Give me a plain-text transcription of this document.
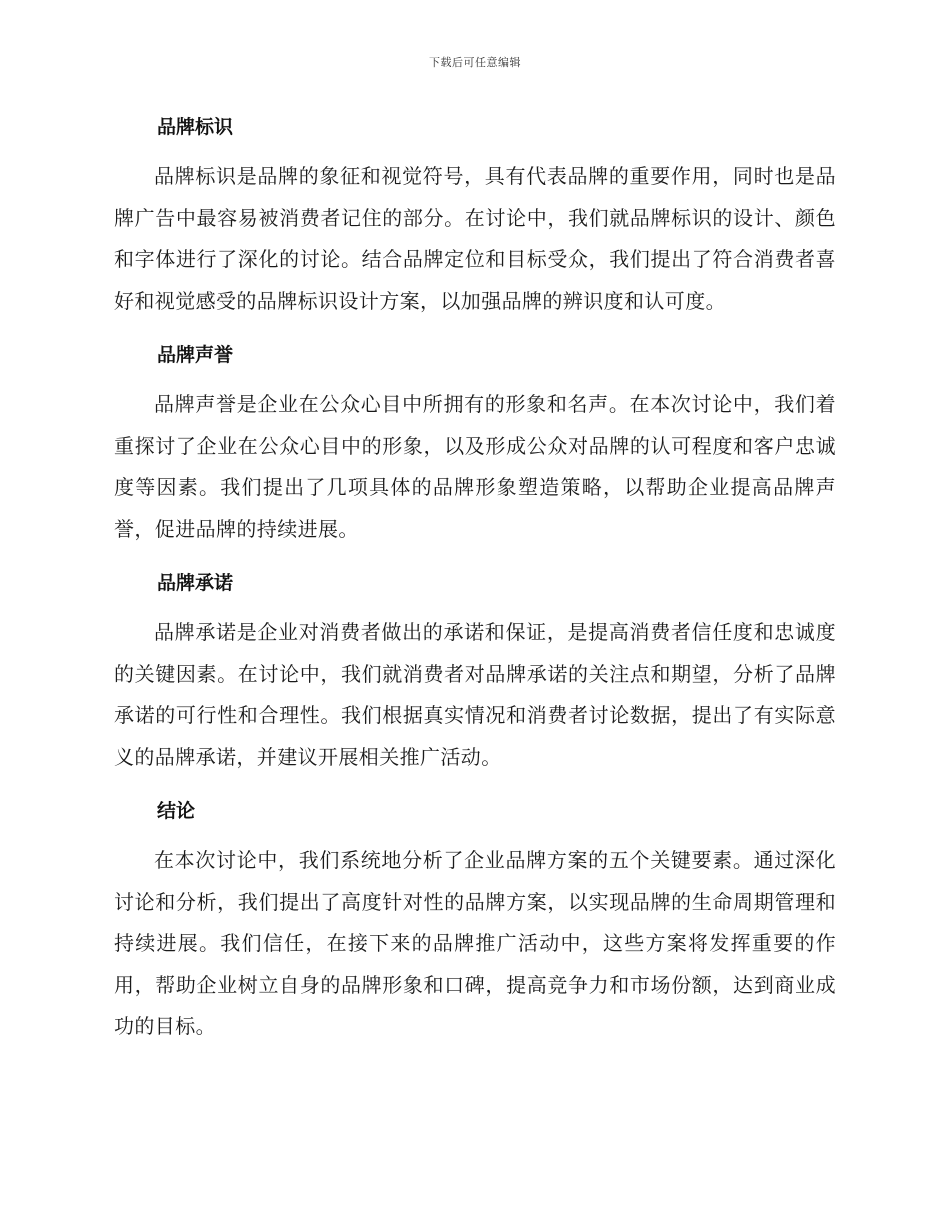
下载后可任意编辑
品牌标识

品牌标识是品牌的象征和视觉符号，具有代表品牌的重要作用，同时也是品牌广告中最容易被消费者记住的部分。在讨论中，我们就品牌标识的设计、颜色和字体进行了深化的讨论。结合品牌定位和目标受众，我们提出了符合消费者喜好和视觉感受的品牌标识设计方案，以加强品牌的辨识度和认可度。

品牌声誉

品牌声誉是企业在公众心目中所拥有的形象和名声。在本次讨论中，我们着重探讨了企业在公众心目中的形象，以及形成公众对品牌的认可程度和客户忠诚度等因素。我们提出了几项具体的品牌形象塑造策略，以帮助企业提高品牌声誉，促进品牌的持续进展。

品牌承诺

品牌承诺是企业对消费者做出的承诺和保证，是提高消费者信任度和忠诚度的关键因素。在讨论中，我们就消费者对品牌承诺的关注点和期望，分析了品牌承诺的可行性和合理性。我们根据真实情况和消费者讨论数据，提出了有实际意义的品牌承诺，并建议开展相关推广活动。

结论

在本次讨论中，我们系统地分析了企业品牌方案的五个关键要素。通过深化讨论和分析，我们提出了高度针对性的品牌方案，以实现品牌的生命周期管理和持续进展。我们信任，在接下来的品牌推广活动中，这些方案将发挥重要的作用，帮助企业树立自身的品牌形象和口碑，提高竞争力和市场份额，达到商业成功的目标。
